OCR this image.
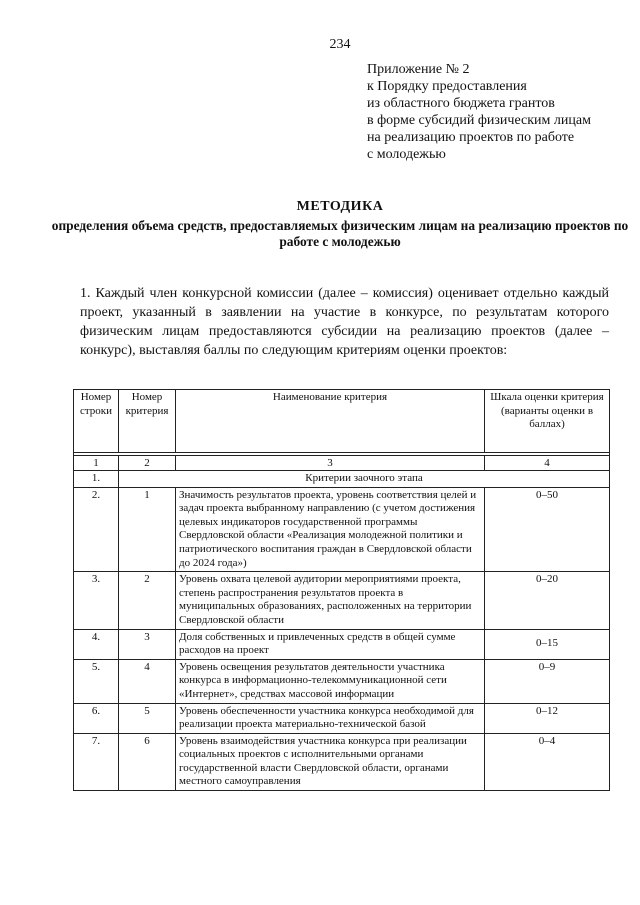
234
Приложение № 2
к Порядку предоставления
из областного бюджета грантов
в форме субсидий физическим лицам
на реализацию проектов по работе
с молодежью
МЕТОДИКА
определения объема средств, предоставляемых физическим лицам на реализацию проектов по работе с молодежью
1. Каждый член конкурсной комиссии (далее – комиссия) оценивает отдельно каждый проект, указанный в заявлении на участие в конкурсе, по результатам которого физическим лицам предоставляются субсидии на реализацию проектов (далее – конкурс), выставляя баллы по следующим критериям оценки проектов:
Номер строки	Номер критерия	Наименование критерия	Шкала оценки критерия (варианты оценки в баллах)

1	2	3	4
1.	Критерии заочного этапа		
2.	1	Значимость результатов проекта, уровень соответствия целей и задач проекта выбранному направлению (с учетом достижения целевых индикаторов государственной программы Свердловской области «Реализация молодежной политики и патриотического воспитания граждан в Свердловской области до 2024 года»)	0–50
3.	2	Уровень охвата целевой аудитории мероприятиями проекта, степень распространения результатов проекта в муниципальных образованиях, расположенных на территории Свердловской области	0–20
4.	3	Доля собственных и привлеченных средств в общей сумме расходов на проект	0–15
5.	4	Уровень освещения результатов деятельности участника конкурса в информационно-телекоммуникационной сети «Интернет», средствах массовой информации	0–9
6.	5	Уровень обеспеченности участника конкурса необходимой для реализации проекта материально-технической базой	0–12
7.	6	Уровень взаимодействия участника конкурса при реализации социальных проектов с исполнительными органами государственной власти Свердловской области, органами местного самоуправления	0–4
